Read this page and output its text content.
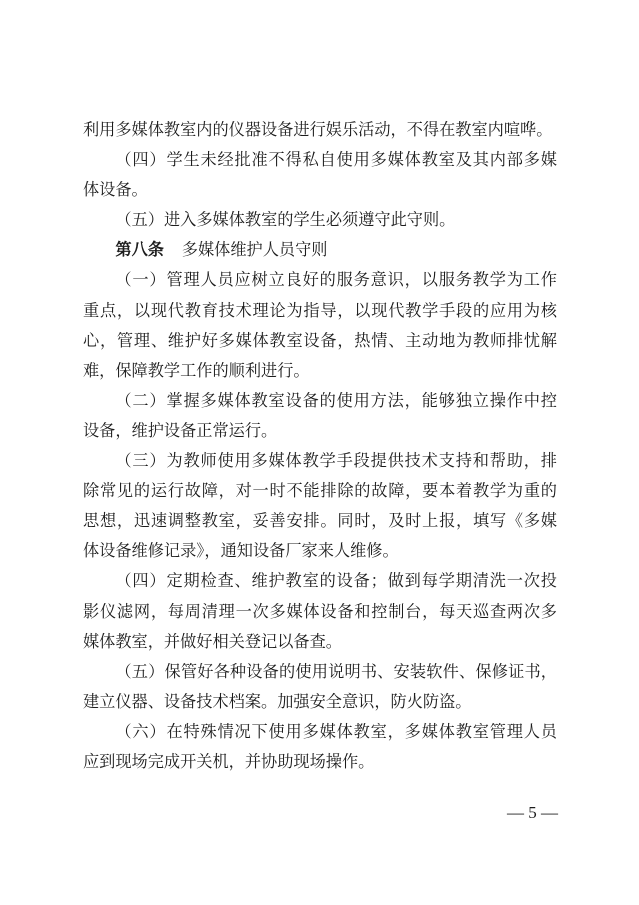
利用多媒体教室内的仪器设备进行娱乐活动，不得在教室内喧哗。
（四）学生未经批准不得私自使用多媒体教室及其内部多媒
体设备。
（五）进入多媒体教室的学生必须遵守此守则。
第八条 多媒体维护人员守则
（一）管理人员应树立良好的服务意识，以服务教学为工作
重点，以现代教育技术理论为指导，以现代教学手段的应用为核
心，管理、维护好多媒体教室设备，热情、主动地为教师排忧解
难，保障教学工作的顺利进行。
（二）掌握多媒体教室设备的使用方法，能够独立操作中控
设备，维护设备正常运行。
（三）为教师使用多媒体教学手段提供技术支持和帮助，排
除常见的运行故障，对一时不能排除的故障，要本着教学为重的
思想，迅速调整教室，妥善安排。同时，及时上报，填写《多媒
体设备维修记录》，通知设备厂家来人维修。
（四）定期检查、维护教室的设备；做到每学期清洗一次投
影仪滤网，每周清理一次多媒体设备和控制台，每天巡查两次多
媒体教室，并做好相关登记以备查。
（五）保管好各种设备的使用说明书、安装软件、保修证书，
建立仪器、设备技术档案。加强安全意识，防火防盗。
（六）在特殊情况下使用多媒体教室，多媒体教室管理人员
应到现场完成开关机，并协助现场操作。
— 5 —
